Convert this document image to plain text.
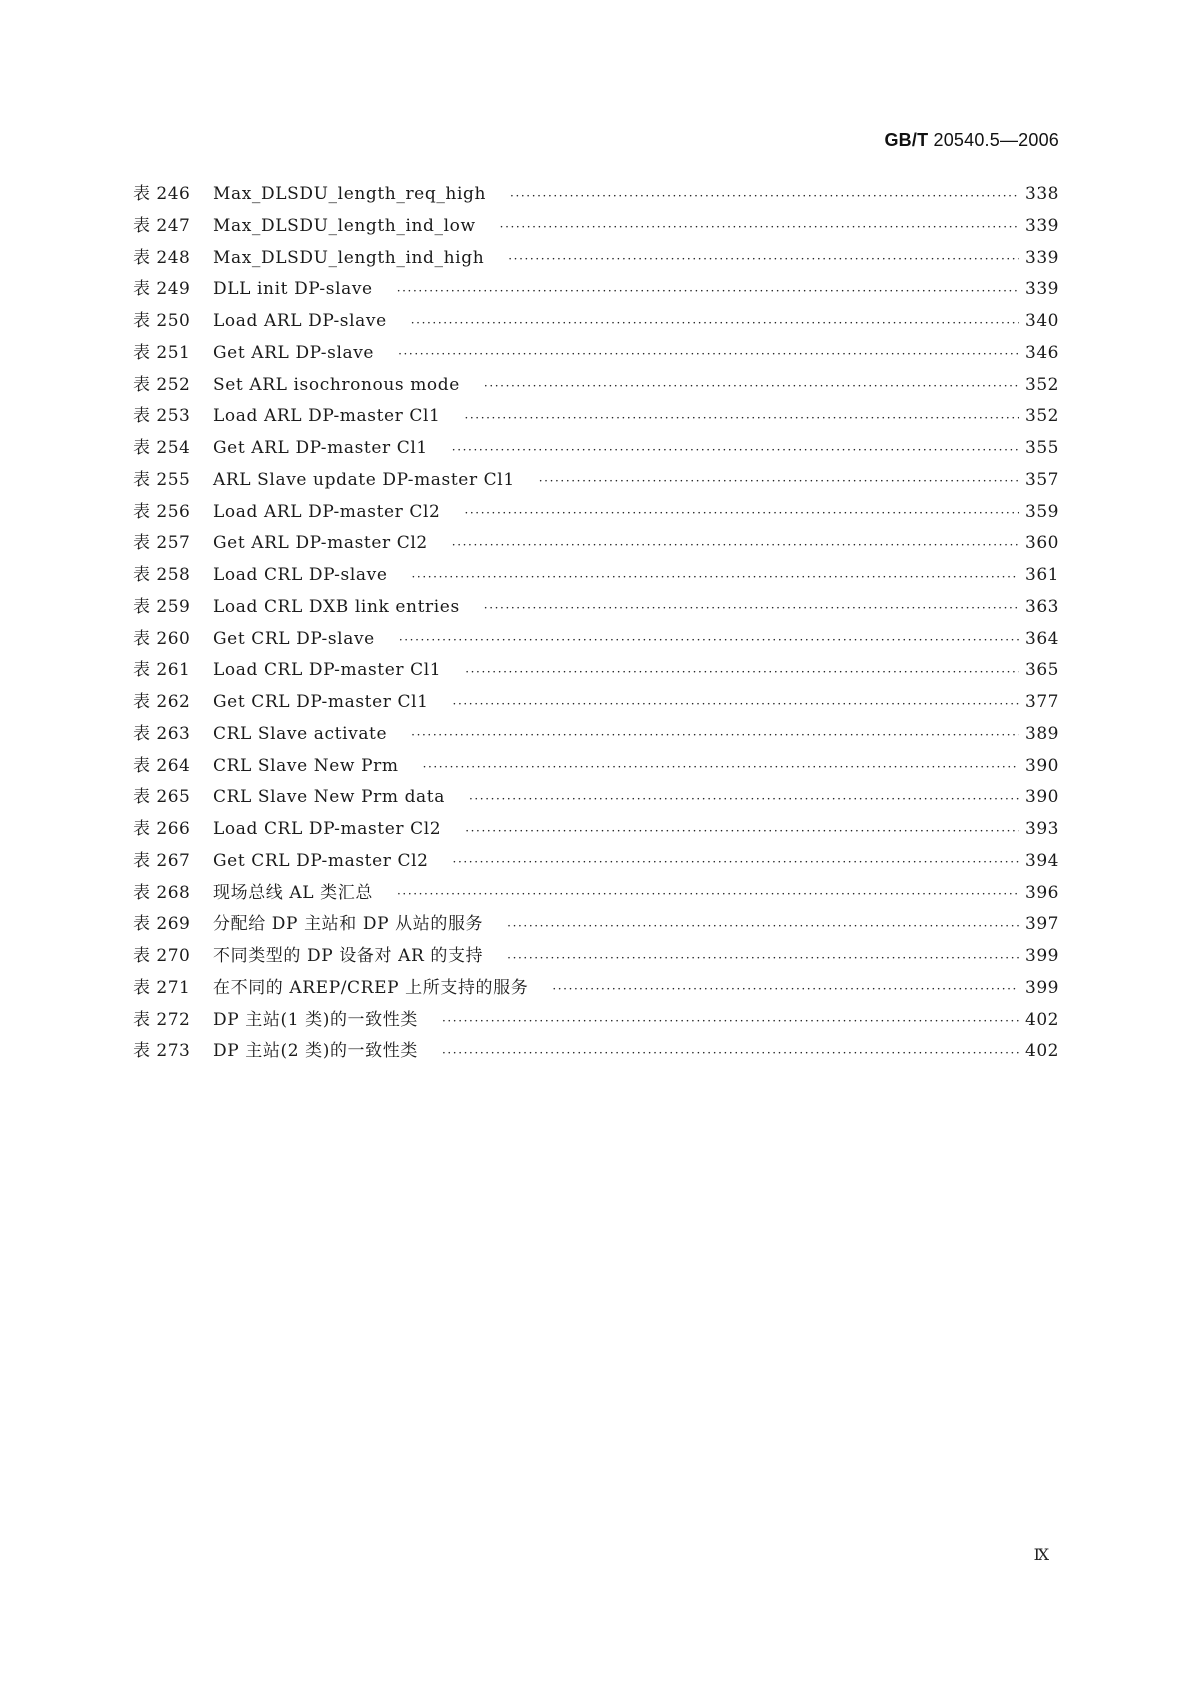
GB/T 20540.5—2006
表 246	Max_DLSDU_length_req_high ·····	338
表 247	Max_DLSDU_length_ind_low ·····	339
表 248	Max_DLSDU_length_ind_high ·····	339
表 249	DLL init DP-slave ·····	339
表 250	Load ARL DP-slave ·····	340
表 251	Get ARL DP-slave ·····	346
表 252	Set ARL isochronous mode ·····	352
表 253	Load ARL DP-master Cl1 ·····	352
表 254	Get ARL DP-master Cl1 ·····	355
表 255	ARL Slave update DP-master Cl1 ·····	357
表 256	Load ARL DP-master Cl2 ·····	359
表 257	Get ARL DP-master Cl2 ·····	360
表 258	Load CRL DP-slave ·····	361
表 259	Load CRL DXB link entries ·····	363
表 260	Get CRL DP-slave ·····	364
表 261	Load CRL DP-master Cl1 ·····	365
表 262	Get CRL DP-master Cl1 ·····	377
表 263	CRL Slave activate ·····	389
表 264	CRL Slave New Prm ·····	390
表 265	CRL Slave New Prm data ·····	390
表 266	Load CRL DP-master Cl2 ·····	393
表 267	Get CRL DP-master Cl2 ·····	394
表 268	现场总线 AL 类汇总 ·····	396
表 269	分配给 DP 主站和 DP 从站的服务 ·····	397
表 270	不同类型的 DP 设备对 AR 的支持 ·····	399
表 271	在不同的 AREP/CREP 上所支持的服务 ·····	399
表 272	DP 主站(1 类)的一致性类 ·····	402
表 273	DP 主站(2 类)的一致性类 ·····	402
Ⅸ
